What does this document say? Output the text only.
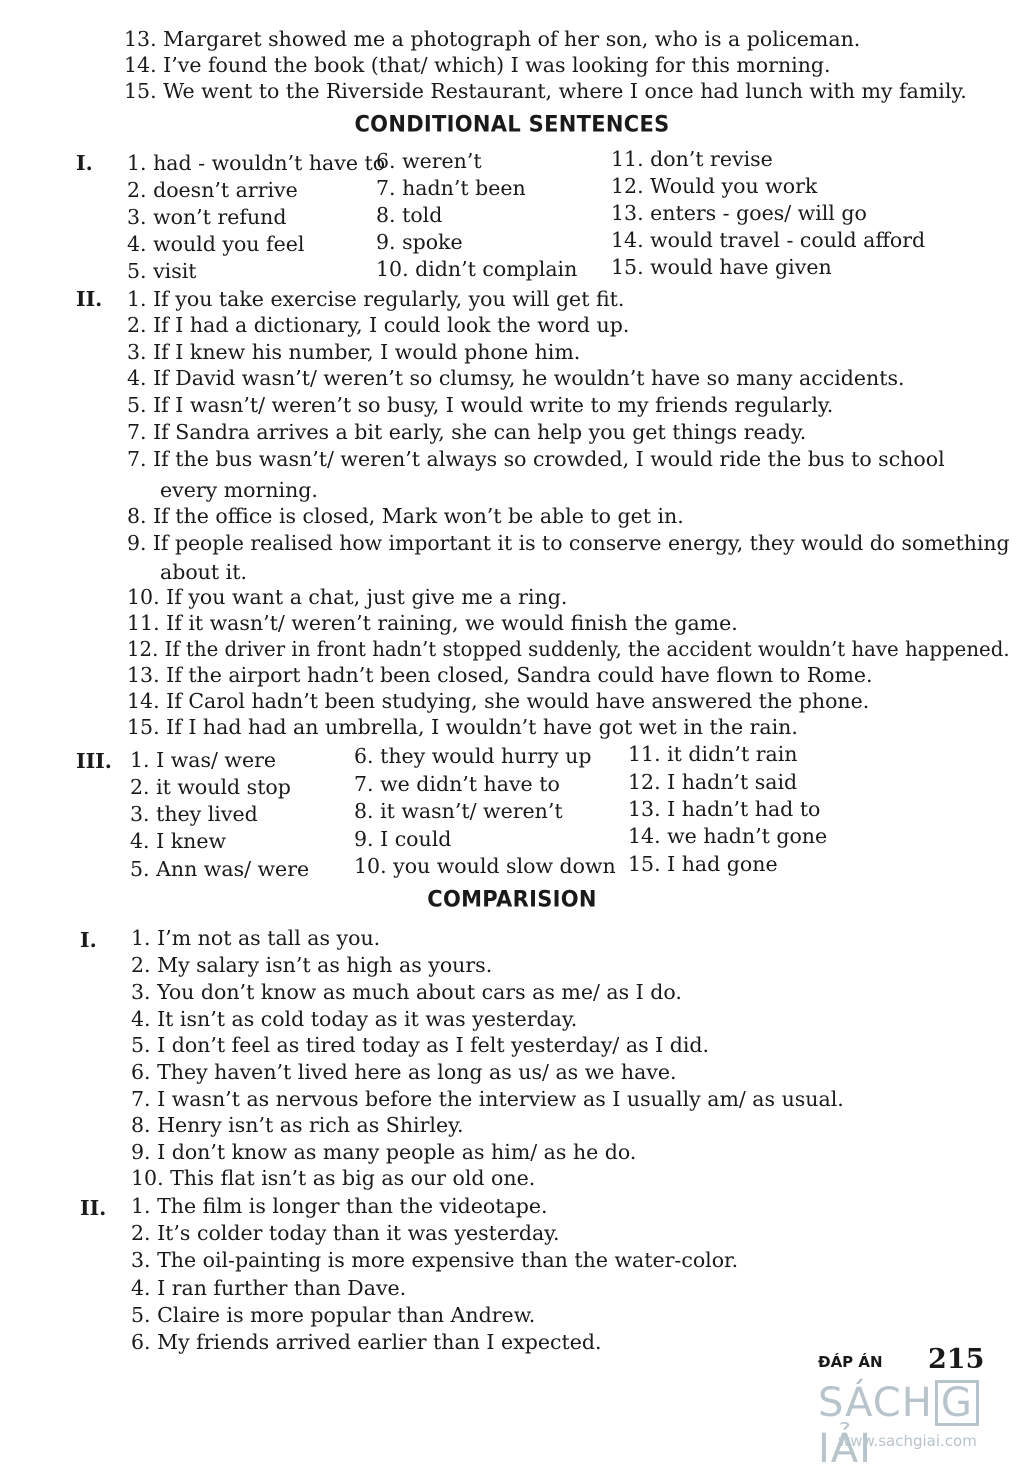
13. Margaret showed me a photograph of her son, who is a policeman.
14. I’ve found the book (that/ which) I was looking for this morning.
15. We went to the Riverside Restaurant, where I once had lunch with my family.
CONDITIONAL SENTENCES
I. 1. had - wouldn’t have to
2. doesn’t arrive
3. won’t refund
4. would you feel
5. visit
6. weren’t
7. hadn’t been
8. told
9. spoke
10. didn’t complain
11. don’t revise
12. Would you work
13. enters - goes/ will go
14. would travel - could afford
15. would have given
II. 1. If you take exercise regularly, you will get fit.
2. If I had a dictionary, I could look the word up.
3. If I knew his number, I would phone him.
4. If David wasn’t/ weren’t so clumsy, he wouldn’t have so many accidents.
5. If I wasn’t/ weren’t so busy, I would write to my friends regularly.
7. If Sandra arrives a bit early, she can help you get things ready.
7. If the bus wasn’t/ weren’t always so crowded, I would ride the bus to school
every morning.
8. If the office is closed, Mark won’t be able to get in.
9. If people realised how important it is to conserve energy, they would do something
about it.
10. If you want a chat, just give me a ring.
11. If it wasn’t/ weren’t raining, we would finish the game.
12. If the driver in front hadn’t stopped suddenly, the accident wouldn’t have happened.
13. If the airport hadn’t been closed, Sandra could have flown to Rome.
14. If Carol hadn’t been studying, she would have answered the phone.
15. If I had had an umbrella, I wouldn’t have got wet in the rain.
III. 1. I was/ were
2. it would stop
3. they lived
4. I knew
5. Ann was/ were
6. they would hurry up
7. we didn’t have to
8. it wasn’t/ weren’t
9. I could
10. you would slow down
11. it didn’t rain
12. I hadn’t said
13. I hadn’t had to
14. we hadn’t gone
15. I had gone
COMPARISION
I. 1. I’m not as tall as you.
2. My salary isn’t as high as yours.
3. You don’t know as much about cars as me/ as I do.
4. It isn’t as cold today as it was yesterday.
5. I don’t feel as tired today as I felt yesterday/ as I did.
6. They haven’t lived here as long as us/ as we have.
7. I wasn’t as nervous before the interview as I usually am/ as usual.
8. Henry isn’t as rich as Shirley.
9. I don’t know as many people as him/ as he do.
10. This flat isn’t as big as our old one.
II. 1. The film is longer than the videotape.
2. It’s colder today than it was yesterday.
3. The oil-painting is more expensive than the water-color.
4. I ran further than Dave.
5. Claire is more popular than Andrew.
6. My friends arrived earlier than I expected.
ĐÁP ÁN 215
SÁCH GIẢI
www.sachgiai.com
